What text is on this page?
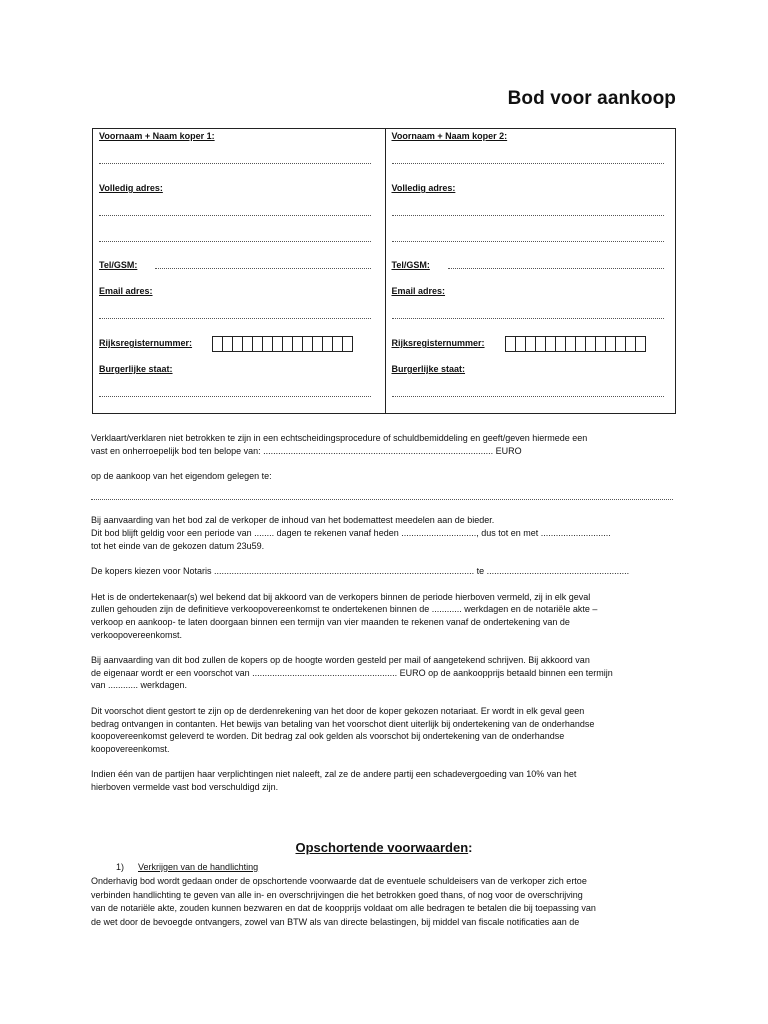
Bod voor aankoop
Voornaam + Naam koper 1:
Volledig adres:
Tel/GSM:
Email adres:
Rijksregisternummer:
Burgerlijke staat:
Voornaam + Naam koper 2:
Volledig adres:
Tel/GSM:
Email adres:
Rijksregisternummer:
Burgerlijke staat:

Verklaart/verklaren niet betrokken te zijn in een echtscheidingsprocedure of schuldbemiddeling en geeft/geven hiermede een
vast en onherroepelijk bod ten belope van: ............................................................................................ EURO

op de aankoop van het eigendom gelegen te:

Bij aanvaarding van het bod zal de verkoper de inhoud van het bodemattest meedelen aan de bieder.
Dit bod blijft geldig voor een periode van ........ dagen te rekenen vanaf heden .............................., dus tot en met ............................
tot het einde van de gekozen datum 23u59.

De kopers kiezen voor Notaris ........................................................................................................ te .........................................................

Het is de ondertekenaar(s) wel bekend dat bij akkoord van de verkopers binnen de periode hierboven vermeld, zij in elk geval
zullen gehouden zijn de definitieve verkoopovereenkomst te ondertekenen binnen de ............ werkdagen en de notariële akte –
verkoop en aankoop- te laten doorgaan binnen een termijn van vier maanden te rekenen vanaf de ondertekening van de
verkoopovereenkomst.

Bij aanvaarding van dit bod zullen de kopers op de hoogte worden gesteld per mail of aangetekend schrijven. Bij akkoord van
de eigenaar wordt er een voorschot van .......................................................... EURO op de aankoopprijs betaald binnen een termijn
van ............ werkdagen.

Dit voorschot dient gestort te zijn op de derdenrekening van het door de koper gekozen notariaat. Er wordt in elk geval geen
bedrag ontvangen in contanten. Het bewijs van betaling van het voorschot dient uiterlijk bij ondertekening van de onderhandse
koopovereenkomst geleverd te worden. Dit bedrag zal ook gelden als voorschot bij ondertekening van de onderhandse
koopovereenkomst.

Indien één van de partijen haar verplichtingen niet naleeft, zal ze de andere partij een schadevergoeding van 10% van het
hierboven vermelde vast bod verschuldigd zijn.

Opschortende voorwaarden:
1) Verkrijgen van de handlichting
Onderhavig bod wordt gedaan onder de opschortende voorwaarde dat de eventuele schuldeisers van de verkoper zich ertoe
verbinden handlichting te geven van alle in- en overschrijvingen die het betrokken goed thans, of nog voor de overschrijving
van de notariële akte, zouden kunnen bezwaren en dat de koopprijs voldaat om alle bedragen te betalen die bij toepassing van
de wet door de bevoegde ontvangers, zowel van BTW als van directe belastingen, bij middel van fiscale notificaties aan de
